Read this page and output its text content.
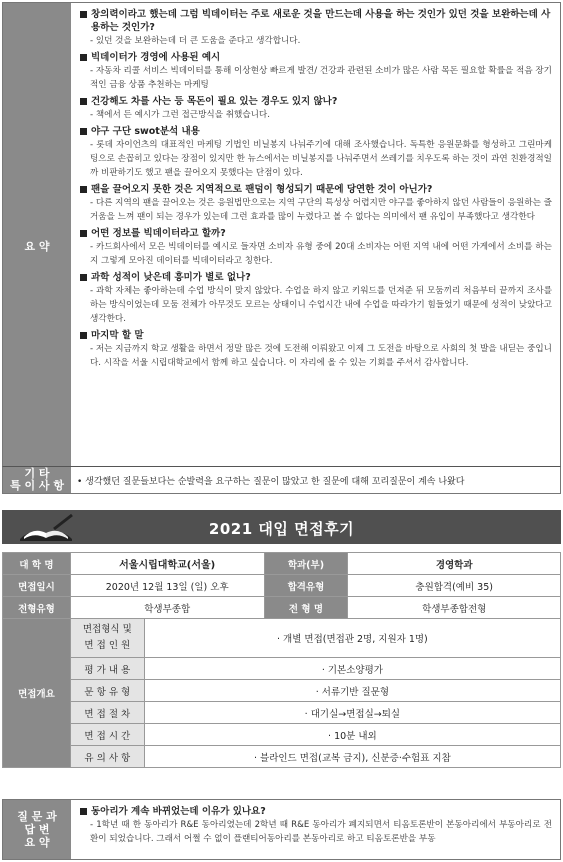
요 약
창의력이라고 했는데 그럼 빅데이터는 주로 새로운 것을 만드는데 사용을 하는 것인가 있던 것을 보완하는데 사용하는 것인가?
- 있던 것을 보완하는데 더 큰 도움을 준다고 생각합니다.
빅데이터가 경영에 사용된 예시
- 자동차 리콜 서비스 빅데이터를 통해 이상현상 빠르게 발견/ 건강과 관련된 소비가 많은 사람 목돈 필요할 확률을 적음 장기적인 금융 상품 추천하는 마케팅
건강해도 차를 사는 등 목돈이 필요 있는 경우도 있지 않나?
- 책에서 든 예시가 그런 접근방식을 취했습니다.
야구 구단 swot분석 내용
- 롯데 자이언츠의 대표적인 마케팅 기법인 비닐봉지 나눠주기에 대해 조사했습니다. 독특한 응원문화를 형성하고 그린마케팅으로 손꼽히고 있다는 장점이 있지만 한 뉴스에서는 비닐봉지를 나눠주면서 쓰레기를 치우도록 하는 것이 과연 친환경적일까 비판하기도 했고 팬을 끌어오지 못했다는 단점이 있다.
팬을 끌어오지 못한 것은 지역적으로 팬덤이 형성되기 때문에 당연한 것이 아닌가?
- 다른 지역의 팬을 끌어오는 것은 응원법만으로는 지역 구단의 특성상 어렵지만 야구를 좋아하지 않던 사람들이 응원하는 즐거움을 느껴 팬이 되는 경우가 있는데 그런 효과를 많이 누렸다고 볼 수 없다는 의미에서 팬 유입이 부족했다고 생각한다
어떤 정보를 빅데이터라고 할까?
- 카드회사에서 모은 빅데이터를 예시로 들자면 소비자 유형 중에 20대 소비자는 어떤 지역 내에 어떤 가게에서 소비를 하는지 그렇게 모아진 데이터를 빅데이터라고 칭한다.
과학 성적이 낮은데 흥미가 별로 없나?
- 과학 자체는 좋아하는데 수업 방식이 맞지 않았다. 수업을 하지 않고 키워드를 던져준 뒤 모둠끼리 처음부터 끝까지 조사를 하는 방식이었는데 모둠 전체가 아무것도 모르는 상태이니 수업시간 내에 수업을 따라가기 힘들었기 때문에 성적이 낮았다고 생각한다.
마지막 할 말
- 저는 지금까지 학교 생활을 하면서 정말 많은 것에 도전해 이뤄왔고 이제 그 도전을 바탕으로 사회의 첫 발을 내딛는 중입니다. 시작을 서울 시립대학교에서 함께 하고 싶습니다. 이 자리에 올 수 있는 기회를 주셔서 감사합니다.
기 타
특 이 사 항 • 생각했던 질문들보다는 순발력을 요구하는 질문이 많았고 한 질문에 대해 꼬리질문이 계속 나왔다
2021 대입 면접후기
대 학 명	서울시립대학교(서울)		학과(부)	경영학과
면접일시	2020년 12월 13일 (일) 오후		합격유형	충원합격(예비 35)
전형유형	학생부종합		전 형 명	학생부종합전형
면접개요	면접형식 및
면 접 인 원	· 개별 면접(면접관 2명, 지원자 1명)		
	평 가 내 용	· 기본소양평가		
	문 항 유 형	· 서류기반 질문형		
	면 접 절 차	· 대기실→면접실→퇴실		
	면 접 시 간	· 10분 내외		
	유 의 사 항	· 블라인드 면접(교복 금지), 신분증·수험표 지참		
질 문 과
답 변
요 약
동아리가 계속 바뀌었는데 이유가 있나요?
- 1학년 때 한 동아리가 R&E 동아리였는데 2학년 때 R&E 동아리가 폐지되면서 티옴토론반이 본동아리에서 부동아리로 전환이 되었습니다. 그래서 어쩔 수 없이 플랜티어동아리를 본동아리로 하고 티옴토론반을 부동
